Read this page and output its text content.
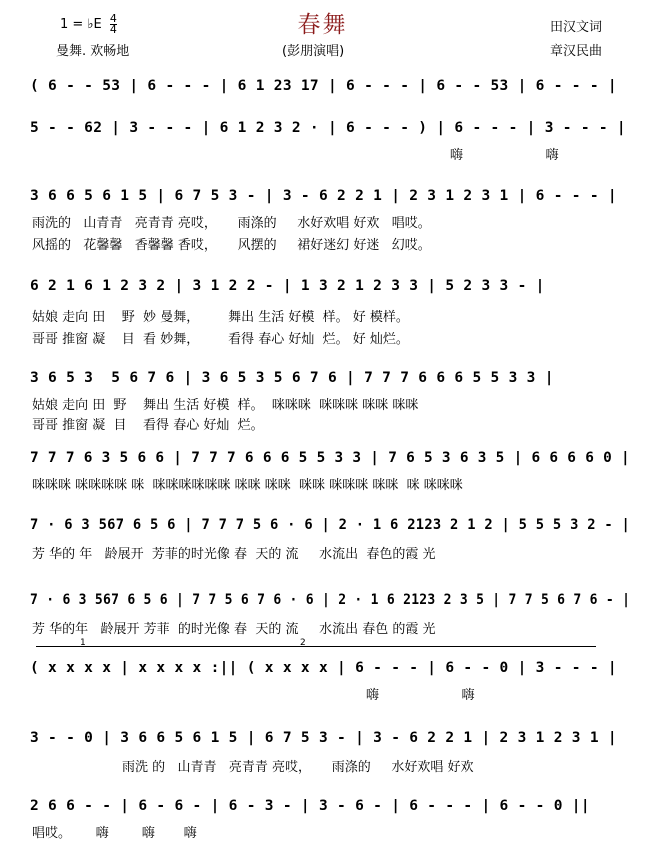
春舞
1 = ♭E $\frac{4}{4}$
曼舞. 欢畅地	(彭朋演唱)
田汉文词
章汉民曲
( 6 - - 53 | 6 - - - | 6 1 23 17 | 6 - - - | 6 - - 53 | 6 - - - |
5 - - 62 | 3 - - - | 6 1 2 3 2 · | 6 - - - ) | 6 - - - | 3 - - - |
嗨                    嗨
3 6 6 5 6 1 5 | 6 7 5 3 - | 3 - 6 2 2 1 | 2 3 1 2 3 1 | 6 - - - |
雨洗的   山青青   亮青青 亮哎，     雨涤的     水好欢唱 好欢   唱哎。
风摇的   花馨馨   香馨馨 香哎，     风摆的     裙好迷幻 好迷   幻哎。
6 2 1 6 1 2 3 2 | 3 1 2 2 - | 1 3 2 1 2 3 3 | 5 2 3 3 - |
姑娘 走向 田    野  妙 曼舞，       舞出 生活 好模  样。 好 模样。
哥哥 推窗 凝    目  看 妙舞，       看得 春心 好灿  烂。 好 灿烂。
3 6 5 3  5 6 7 6 | 3 6 5 3 5 6 7 6 | 7 7 7 6 6 6 5 5 3 3 |
姑娘 走向 田  野    舞出 生活 好模  样。  咪咪咪  咪咪咪 咪咪 咪咪
哥哥 推窗 凝  目    看得 春心 好灿  烂。
7 7 7 6 3 5 6 6 | 7 7 7 6 6 6 5 5 3 3 | 7 6 5 3 6 3 5 | 6 6 6 6 0 |
咪咪咪 咪咪咪咪 咪  咪咪咪咪咪咪 咪咪 咪咪  咪咪 咪咪咪 咪咪  咪 咪咪咪
7 · 6 3 567 6 5 6 | 7 7 7 5 6 · 6 | 2 · 1 6 2123 2 1 2 | 5 5 5 3 2 - |
芳 华的 年   龄展开  芳菲的时光像 春  天的 流     水流出  春色的霞 光
7 · 6 3 567 6 5 6 | 7 7 5 6 7 6 · 6 | 2 · 1 6 2123 2 3 5 | 7 7 5 6 7 6 - |
芳 华的年   龄展开 芳菲  的时光像 春  天的 流     水流出 春色 的霞 光
1	2
( x x x x | x x x x :|| ( x x x x | 6 - - - | 6 - - 0 | 3 - - - |
嗨                    嗨
3 - - 0 | 3 6 6 5 6 1 5 | 6 7 5 3 - | 3 - 6 2 2 1 | 2 3 1 2 3 1 |
雨洗 的   山青青   亮青青 亮哎，     雨涤的     水好欢唱 好欢
2 6 6 - - | 6 - 6 - | 6 - 3 - | 3 - 6 - | 6 - - - | 6 - - 0 ||
唱哎。      嗨        嗨       嗨
